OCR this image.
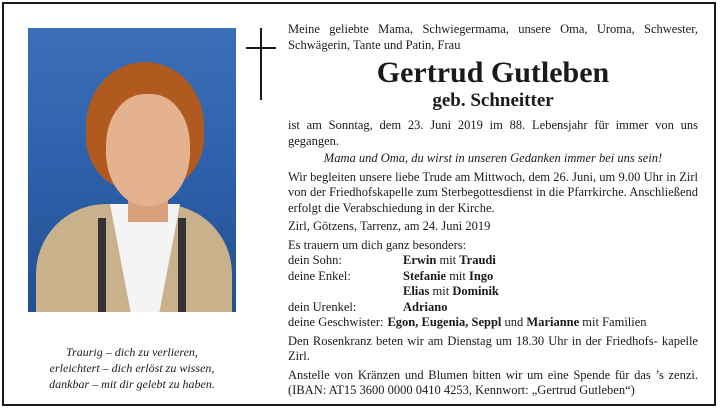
Traurig – dich zu verlieren,
erleichtert – dich erlöst zu wissen,
dankbar – mit dir gelebt zu haben.
Meine geliebte Mama, Schwiegermama, unsere Oma, Uroma, Schwester, Schwägerin, Tante und Patin, Frau
Gertrud Gutleben
geb. Schneitter
ist am Sonntag, dem 23. Juni 2019 im 88. Lebensjahr für immer von uns gegangen.
Mama und Oma, du wirst in unseren Gedanken immer bei uns sein!
Wir begleiten unsere liebe Trude am Mittwoch, dem 26. Juni, um 9.00 Uhr in Zirl von der Friedhofskapelle zum Sterbegottesdienst in die Pfarrkirche. Anschließend erfolgt die Verabschiedung in der Kirche.
Zirl, Götzens, Tarrenz, am 24. Juni 2019
Es trauern um dich ganz besonders:
dein Sohn:	Erwin mit Traudi
deine Enkel:	Stefanie mit Ingo
Elias mit Dominik
dein Urenkel:	Adriano
deine Geschwister: Egon, Eugenia, Seppl und Marianne mit Familien
Den Rosenkranz beten wir am Dienstag um 18.30 Uhr in der Friedhofs- kapelle Zirl.
Anstelle von Kränzen und Blumen bitten wir um eine Spende für das ’s zenzi. (IBAN: AT15 3600 0000 0410 4253, Kennwort: „Gertrud Gutleben“)
